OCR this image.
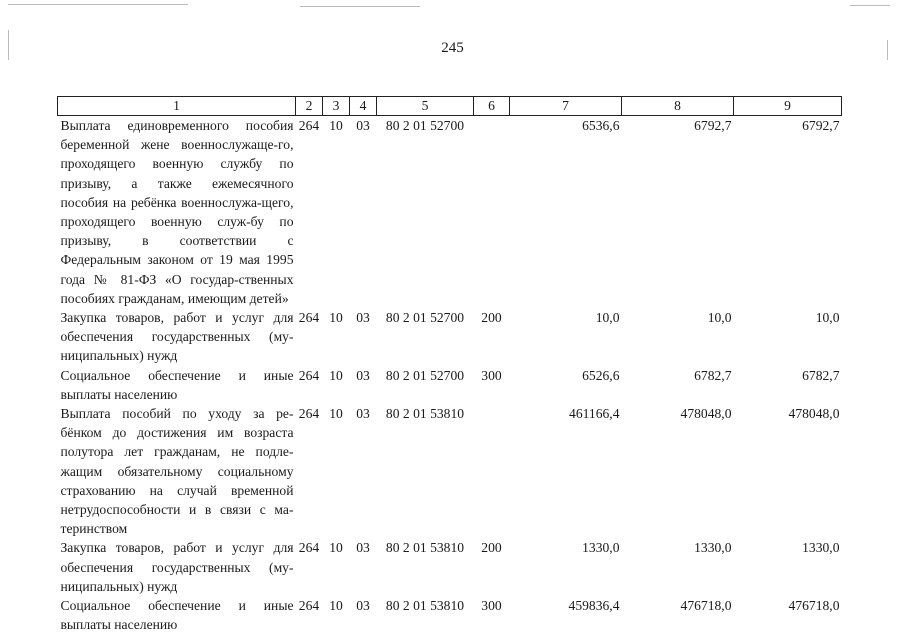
245
1	2	3	4	5	6	7	8	9
Выплата единовременного пособия беременной жене военнослужаще-го, проходящего военную службу по призыву, а также ежемесячного пособия на ребёнка военнослужа-щего, проходящего военную служ-бу по призыву, в соответствии с Федеральным законом от 19 мая 1995 года № 81-ФЗ «О государ-ственных пособиях гражданам, имеющим детей»	264	10	03	80 2 01 52700		6536,6	6792,7	6792,7
Закупка товаров, работ и услуг для обеспечения государственных (му-ниципальных) нужд	264	10	03	80 2 01 52700	200	10,0	10,0	10,0
Социальное обеспечение и иные выплаты населению	264	10	03	80 2 01 52700	300	6526,6	6782,7	6782,7
Выплата пособий по уходу за ре-бёнком до достижения им возраста полутора лет гражданам, не подле-жащим обязательному социальному страхованию на случай временной нетрудоспособности и в связи с ма-теринством	264	10	03	80 2 01 53810		461166,4	478048,0	478048,0
Закупка товаров, работ и услуг для обеспечения государственных (му-ниципальных) нужд	264	10	03	80 2 01 53810	200	1330,0	1330,0	1330,0
Социальное обеспечение и иные выплаты населению	264	10	03	80 2 01 53810	300	459836,4	476718,0	476718,0
